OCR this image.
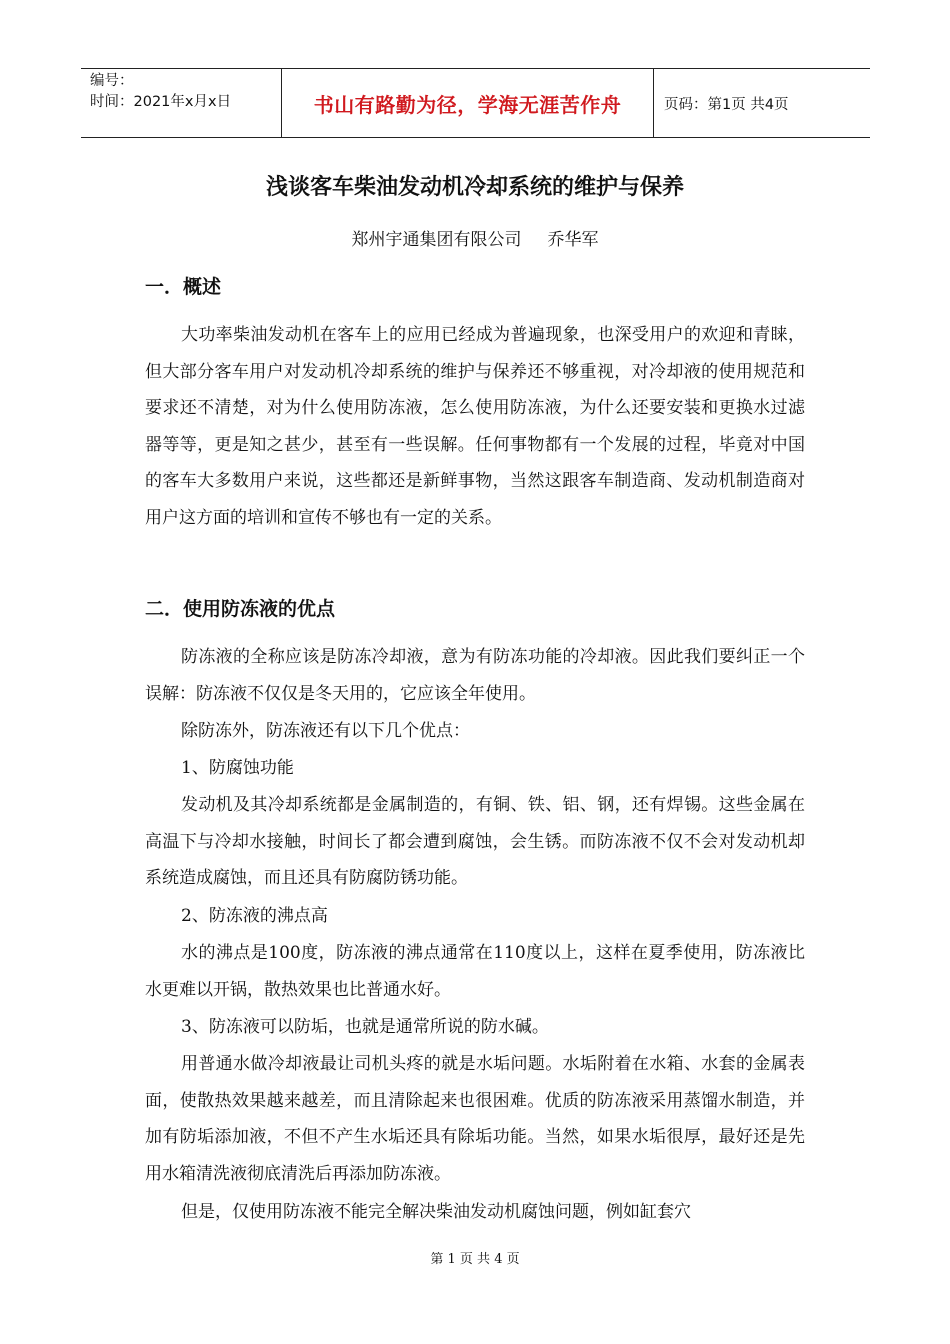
编号：
时间：2021年x月x日	书山有路勤为径，学海无涯苦作舟	页码：第1页 共4页
浅谈客车柴油发动机冷却系统的维护与保养
郑州宇通集团有限公司 乔华军
一．概述

大功率柴油发动机在客车上的应用已经成为普遍现象，也深受用户的欢迎和青睐，但大部分客车用户对发动机冷却系统的维护与保养还不够重视，对冷却液的使用规范和要求还不清楚，对为什么使用防冻液，怎么使用防冻液，为什么还要安装和更换水过滤器等等，更是知之甚少，甚至有一些误解。任何事物都有一个发展的过程，毕竟对中国的客车大多数用户来说，这些都还是新鲜事物，当然这跟客车制造商、发动机制造商对用户这方面的培训和宣传不够也有一定的关系。

二．使用防冻液的优点

防冻液的全称应该是防冻冷却液，意为有防冻功能的冷却液。因此我们要纠正一个误解：防冻液不仅仅是冬天用的，它应该全年使用。

除防冻外，防冻液还有以下几个优点：

1、防腐蚀功能

发动机及其冷却系统都是金属制造的，有铜、铁、铝、钢，还有焊锡。这些金属在高温下与冷却水接触，时间长了都会遭到腐蚀，会生锈。而防冻液不仅不会对发动机却系统造成腐蚀，而且还具有防腐防锈功能。

2、防冻液的沸点高

水的沸点是100度，防冻液的沸点通常在110度以上，这样在夏季使用，防冻液比水更难以开锅，散热效果也比普通水好。

3、防冻液可以防垢，也就是通常所说的防水碱。

用普通水做冷却液最让司机头疼的就是水垢问题。水垢附着在水箱、水套的金属表面，使散热效果越来越差，而且清除起来也很困难。优质的防冻液采用蒸馏水制造，并加有防垢添加液，不但不产生水垢还具有除垢功能。当然，如果水垢很厚，最好还是先用水箱清洗液彻底清洗后再添加防冻液。

但是，仅使用防冻液不能完全解决柴油发动机腐蚀问题，例如缸套穴

第 1 页 共 4 页
